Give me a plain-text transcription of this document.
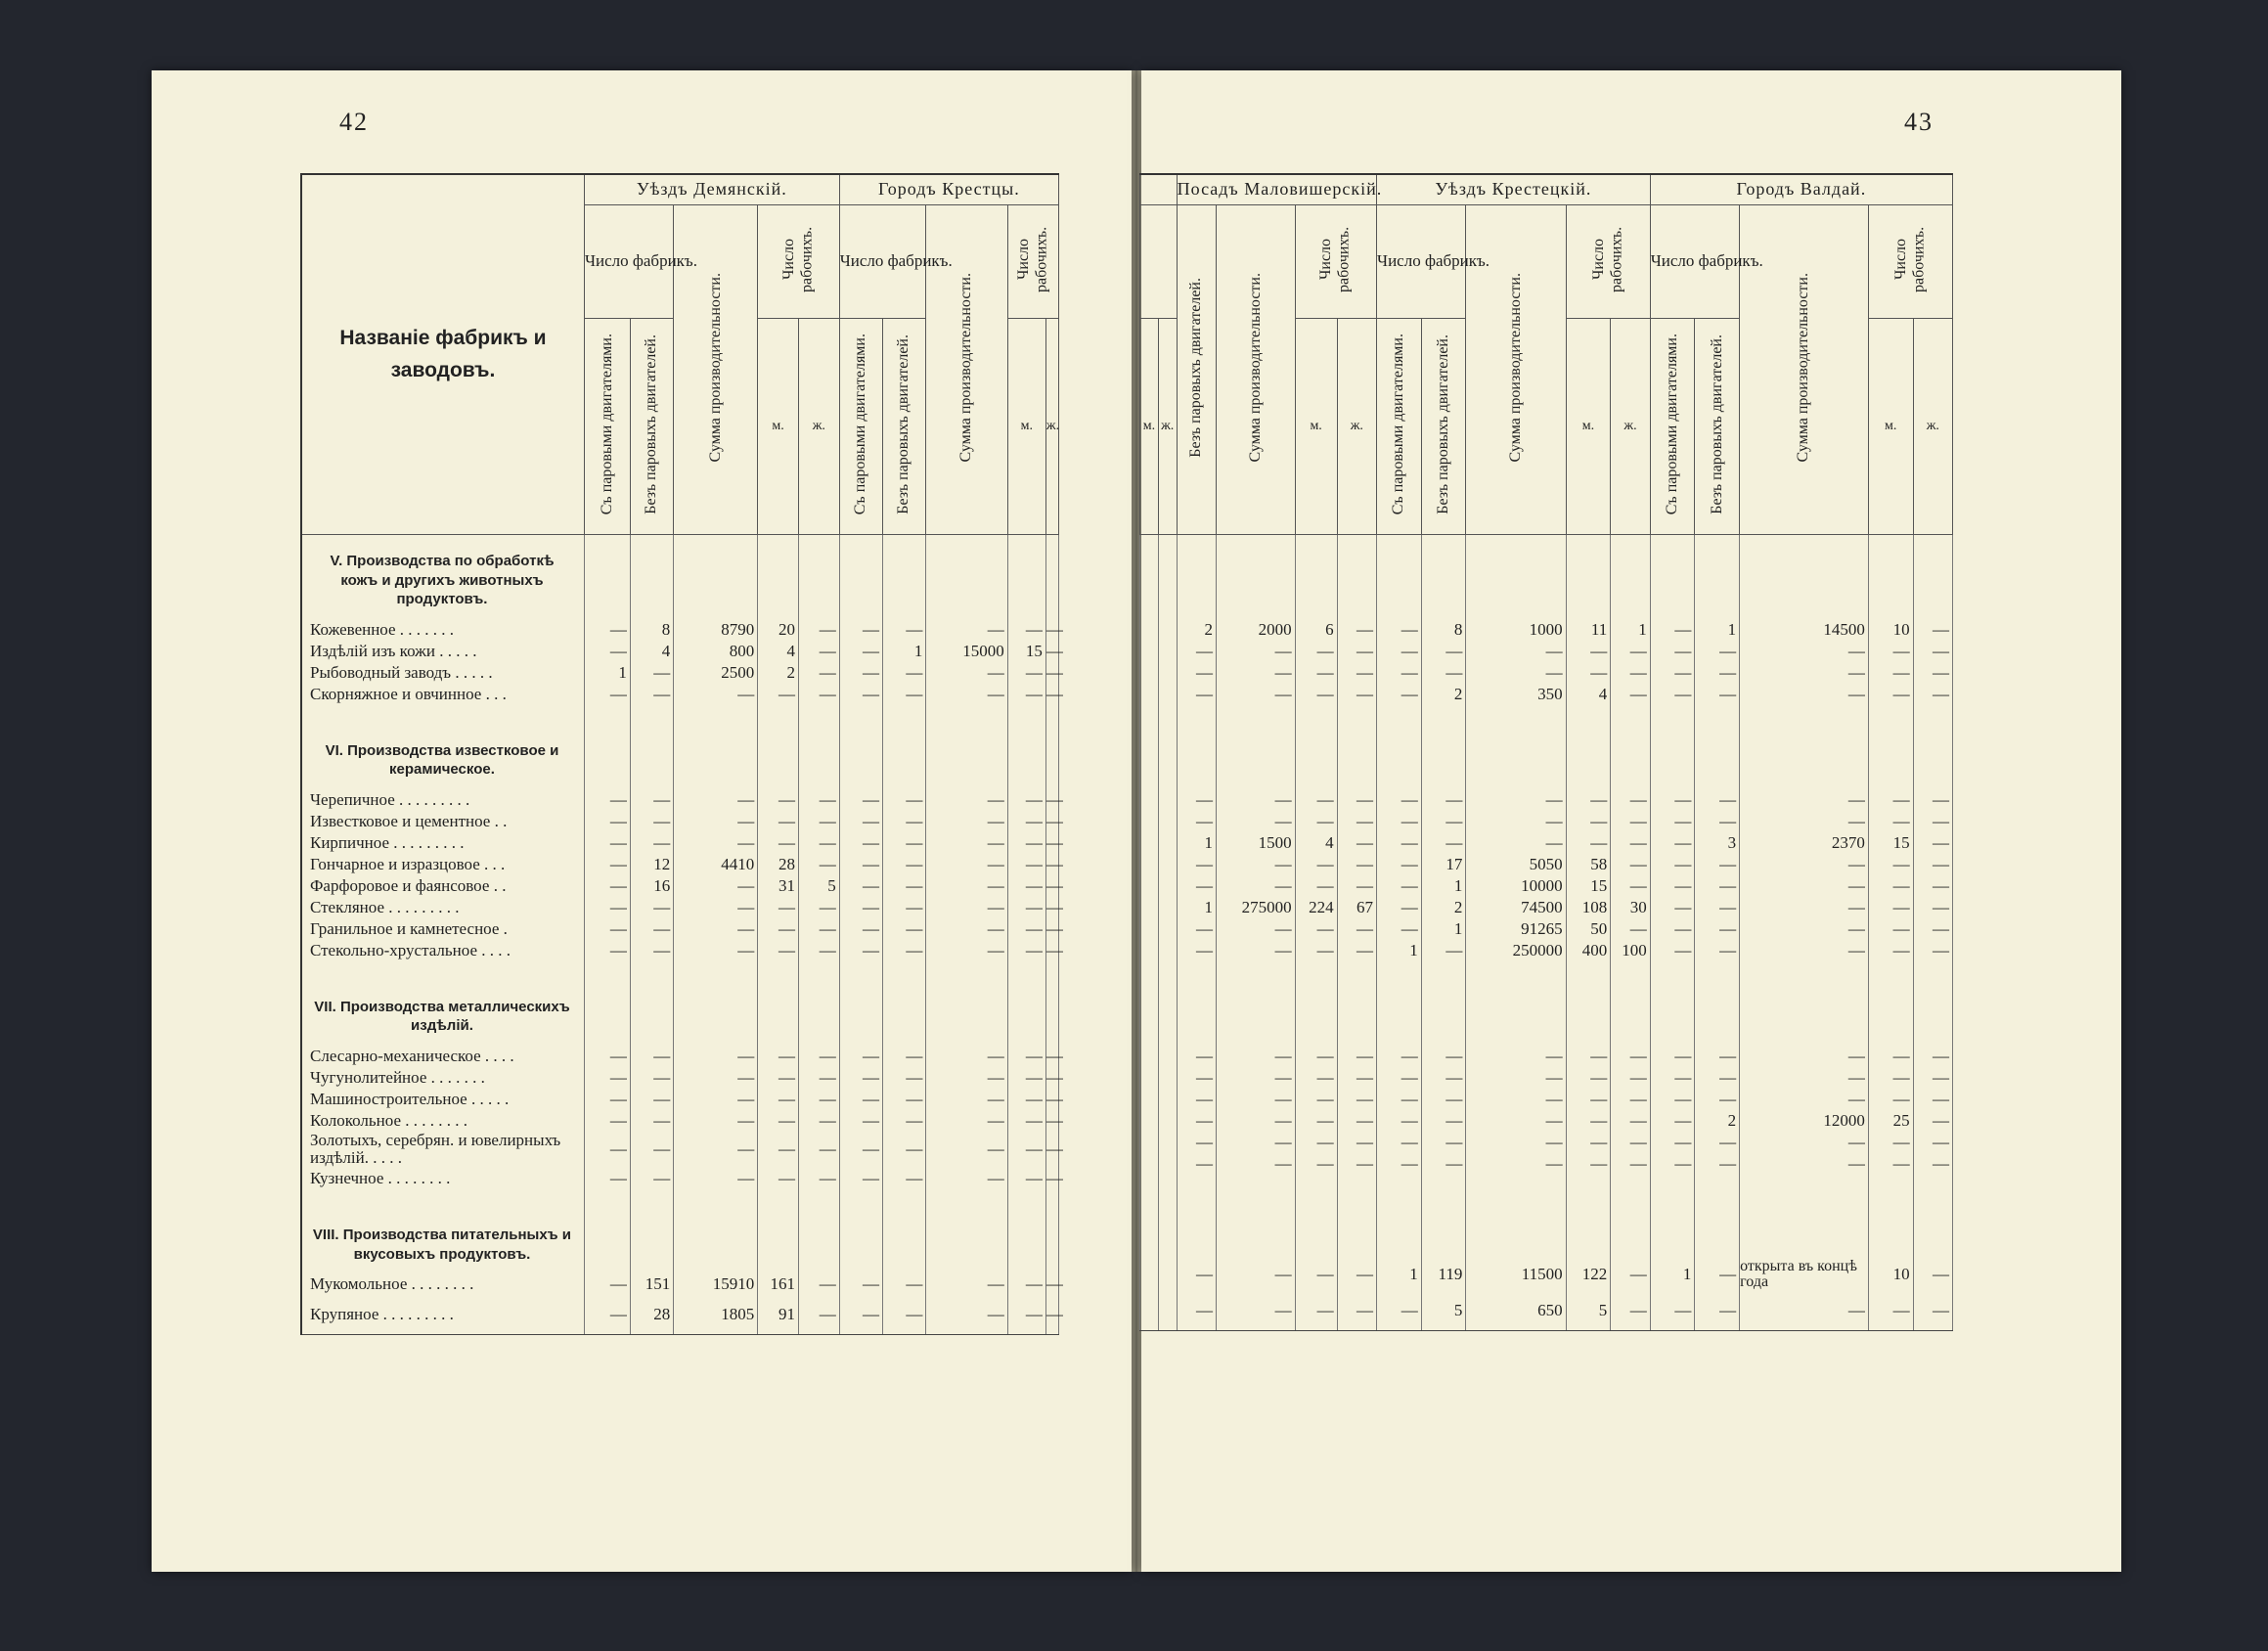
42
Названіе фабрикъ и заводовъ.	Уѣздъ Демянскій.					Городъ Крестцы.				
	Число фабрикъ.		Сумма производительности.	Число рабочихъ.		Число фабрикъ.		Сумма производительности.	Число рабочихъ.	
	Съ паровыми двигателями.	Безъ паровыхъ двигателей.		м.	ж.	Съ паровыми двигателями.	Безъ паровыхъ двигателей.		м.	ж.

V. Производства по обработкѣ кожъ и другихъ животныхъ продуктовъ.										

Кожевенное . . . . . . .	—	8	8790	20	—	—	—	—	—	—
Издѣлій изъ кожи . . . . .	—	4	800	4	—	—	1	15000	15	—
Рыбоводный заводъ . . . . .	1	—	2500	2	—	—	—	—	—	—
Скорняжное и овчинное . . .	—	—	—	—	—	—	—	—	—	—

VI. Производства известковое и керамическое.										

Черепичное . . . . . . . . .	—	—	—	—	—	—	—	—	—	—
Известковое и цементное . .	—	—	—	—	—	—	—	—	—	—
Кирпичное . . . . . . . . .	—	—	—	—	—	—	—	—	—	—
Гончарное и изразцовое . . .	—	12	4410	28	—	—	—	—	—	—
Фарфоровое и фаянсовое . .	—	16	—	31	5	—	—	—	—	—
Стекляное . . . . . . . . .	—	—	—	—	—	—	—	—	—	—
Гранильное и камнетесное .	—	—	—	—	—	—	—	—	—	—
Стекольно-хрустальное . . . .	—	—	—	—	—	—	—	—	—	—

VII. Производства металлическихъ издѣлій.										

Слесарно-механическое . . . .	—	—	—	—	—	—	—	—	—	—
Чугунолитейное . . . . . . .	—	—	—	—	—	—	—	—	—	—
Машиностроительное . . . . .	—	—	—	—	—	—	—	—	—	—
Колокольное . . . . . . . .	—	—	—	—	—	—	—	—	—	—
Золотыхъ, серебрян. и ювелирныхъ издѣлій. . . . .	—	—	—	—	—	—	—	—	—	—
Кузнечное . . . . . . . .	—	—	—	—	—	—	—	—	—	—

VIII. Производства питательныхъ и вкусовыхъ продуктовъ.										

Мукомольное . . . . . . . .	—	151	15910	161	—	—	—	—	—	—
Крупяное . . . . . . . . .	—	28	1805	91	—	—	—	—	—	—
43
		Посадъ Маловишерскій.				Уѣздъ Крестецкій.					Городъ Валдай.				
		Безъ паровыхъ двигателей.	Сумма производительности.	Число рабочихъ.		Число фабрикъ.		Сумма производительности.	Число рабочихъ.		Число фабрикъ.		Сумма производительности.	Число рабочихъ.	
м.	ж.			м.	ж.	Съ паровыми двигателями.	Безъ паровыхъ двигателей.		м.	ж.	Съ паровыми двигателями.	Безъ паровыхъ двигателей.		м.	ж.

		2	2000	6	—	—	8	1000	11	1	—	1	14500	10	—
		—	—	—	—	—	—	—	—	—	—	—	—	—	—
		—	—	—	—	—	—	—	—	—	—	—	—	—	—
		—	—	—	—	—	2	350	4	—	—	—	—	—	—

		—	—	—	—	—	—	—	—	—	—	—	—	—	—
		—	—	—	—	—	—	—	—	—	—	—	—	—	—
		1	1500	4	—	—	—	—	—	—	—	3	2370	15	—
		—	—	—	—	—	17	5050	58	—	—	—	—	—	—
		—	—	—	—	—	1	10000	15	—	—	—	—	—	—
		1	275000	224	67	—	2	74500	108	30	—	—	—	—	—
		—	—	—	—	—	1	91265	50	—	—	—	—	—	—
		—	—	—	—	1	—	250000	400	100	—	—	—	—	—

		—	—	—	—	—	—	—	—	—	—	—	—	—	—
		—	—	—	—	—	—	—	—	—	—	—	—	—	—
		—	—	—	—	—	—	—	—	—	—	—	—	—	—
		—	—	—	—	—	—	—	—	—	—	2	12000	25	—
		—	—	—	—	—	—	—	—	—	—	—	—	—	—
		—	—	—	—	—	—	—	—	—	—	—	—	—	—

		—	—	—	—	1	119	11500	122	—	1	—	открыта въ концѣ года	10	—
		—	—	—	—	—	5	650	5	—	—	—	—	—	—
